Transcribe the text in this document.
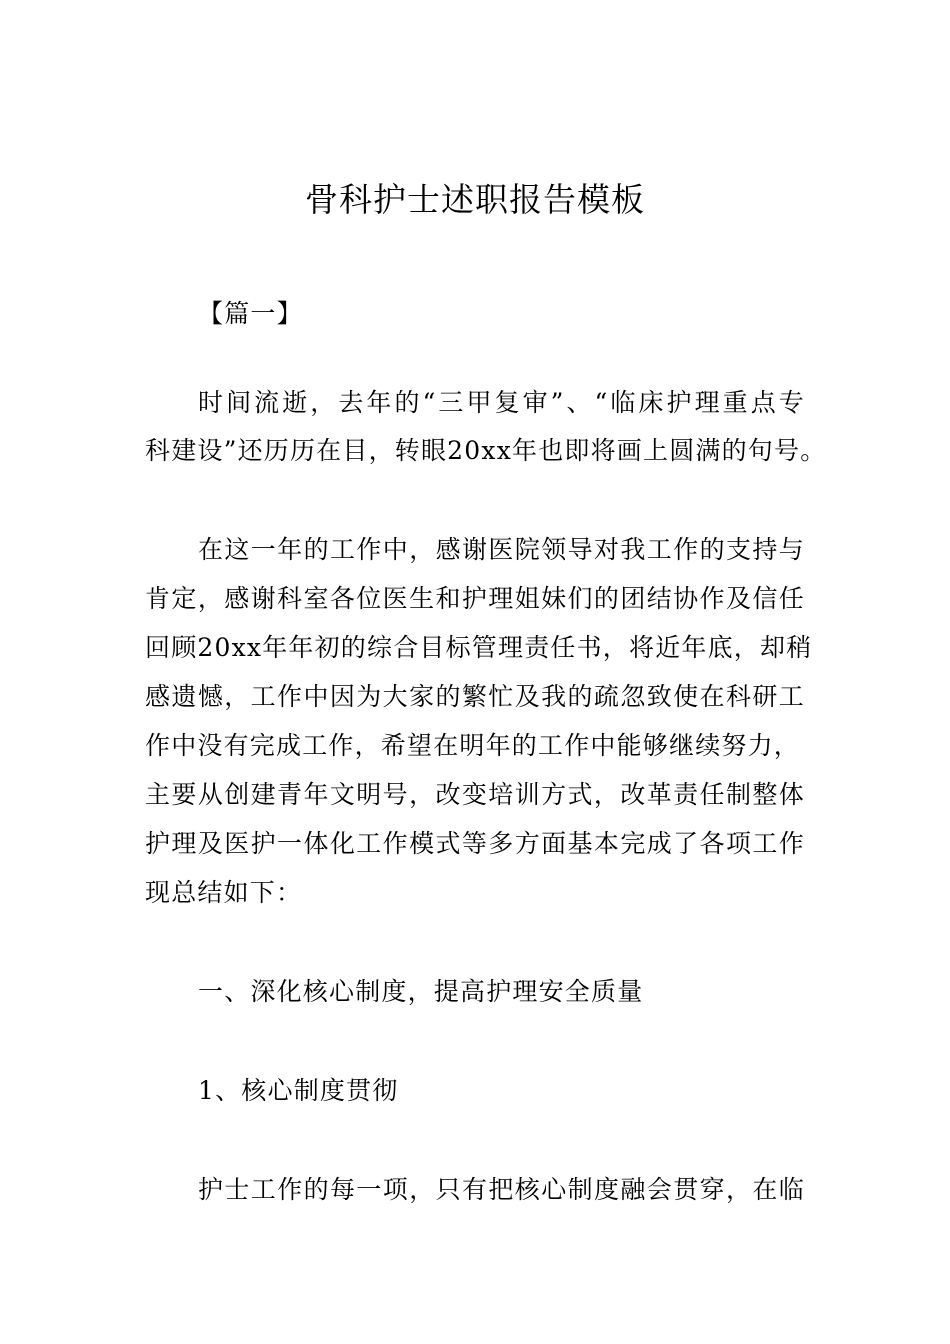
骨科护士述职报告模板
【篇一】
时间流逝，去年的“三甲复审”、“临床护理重点专
科建设”还历历在目，转眼20xx年也即将画上圆满的句号。
在这一年的工作中，感谢医院领导对我工作的支持与
肯定，感谢科室各位医生和护理姐妹们的团结协作及信任
回顾20xx年年初的综合目标管理责任书，将近年底，却稍
感遗憾，工作中因为大家的繁忙及我的疏忽致使在科研工
作中没有完成工作，希望在明年的工作中能够继续努力，
主要从创建青年文明号，改变培训方式，改革责任制整体
护理及医护一体化工作模式等多方面基本完成了各项工作
现总结如下：
一、深化核心制度，提高护理安全质量
1、核心制度贯彻
护士工作的每一项，只有把核心制度融会贯穿，在临
